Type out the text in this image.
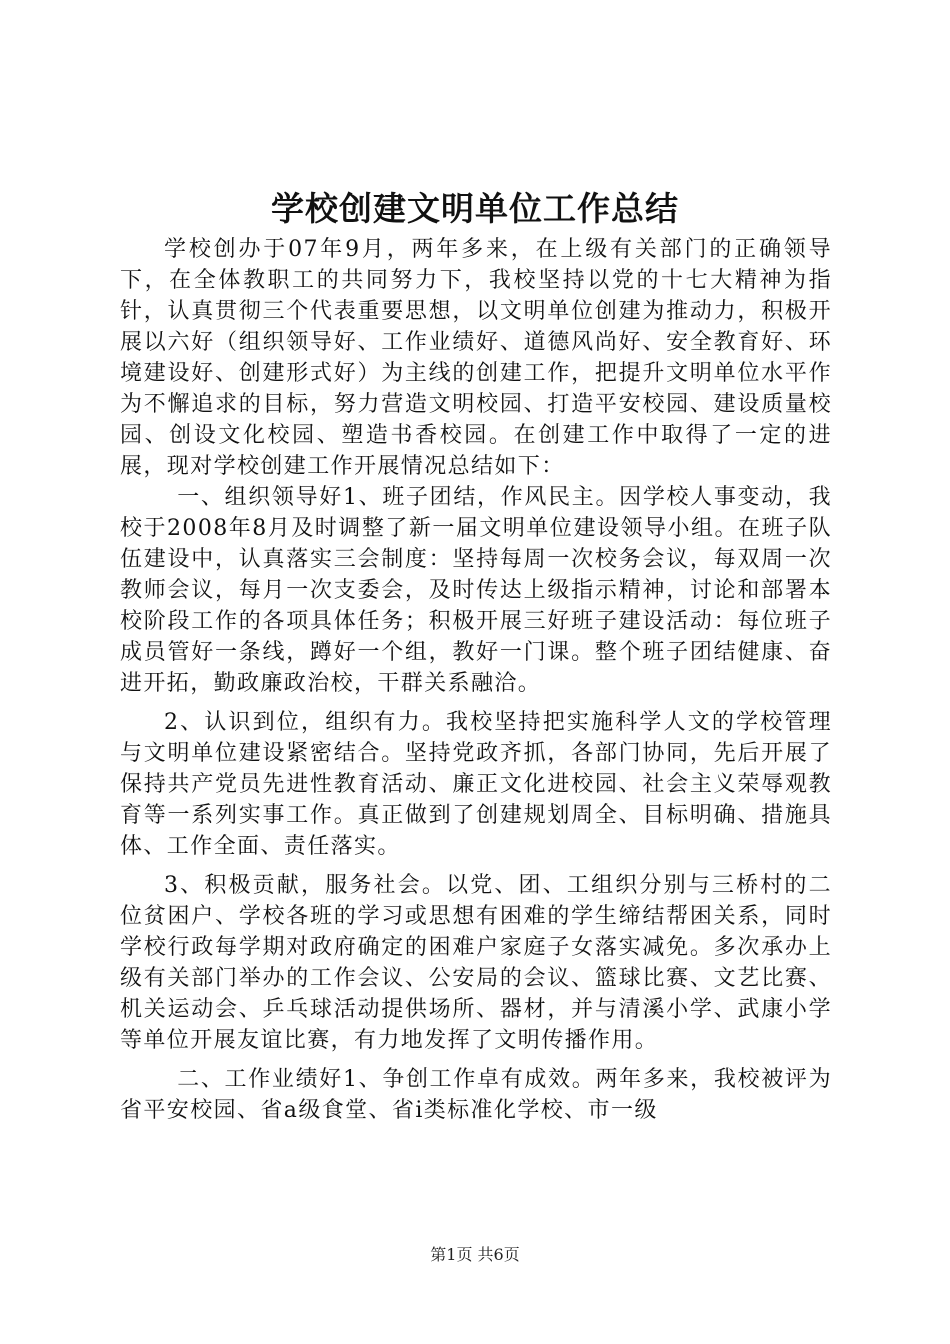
学校创建文明单位工作总结

学校创办于07年9月，两年多来，在上级有关部门的正确领导下，在全体教职工的共同努力下，我校坚持以党的十七大精神为指针，认真贯彻三个代表重要思想，以文明单位创建为推动力，积极开展以六好（组织领导好、工作业绩好、道德风尚好、安全教育好、环境建设好、创建形式好）为主线的创建工作，把提升文明单位水平作为不懈追求的目标，努力营造文明校园、打造平安校园、建设质量校园、创设文化校园、塑造书香校园。在创建工作中取得了一定的进展，现对学校创建工作开展情况总结如下：

一、组织领导好1、班子团结，作风民主。因学校人事变动，我校于2008年8月及时调整了新一届文明单位建设领导小组。在班子队伍建设中，认真落实三会制度：坚持每周一次校务会议，每双周一次教师会议，每月一次支委会，及时传达上级指示精神，讨论和部署本校阶段工作的各项具体任务；积极开展三好班子建设活动：每位班子成员管好一条线，蹲好一个组，教好一门课。整个班子团结健康、奋进开拓，勤政廉政治校，干群关系融洽。

2、认识到位，组织有力。我校坚持把实施科学人文的学校管理与文明单位建设紧密结合。坚持党政齐抓，各部门协同，先后开展了保持共产党员先进性教育活动、廉正文化进校园、社会主义荣辱观教育等一系列实事工作。真正做到了创建规划周全、目标明确、措施具体、工作全面、责任落实。

3、积极贡献，服务社会。以党、团、工组织分别与三桥村的二位贫困户、学校各班的学习或思想有困难的学生缔结帮困关系，同时学校行政每学期对政府确定的困难户家庭子女落实减免。多次承办上级有关部门举办的工作会议、公安局的会议、篮球比赛、文艺比赛、机关运动会、乒乓球活动提供场所、器材，并与清溪小学、武康小学等单位开展友谊比赛，有力地发挥了文明传播作用。

二、工作业绩好1、争创工作卓有成效。两年多来，我校被评为省平安校园、省a级食堂、省i类标准化学校、市一级

第1页 共6页
